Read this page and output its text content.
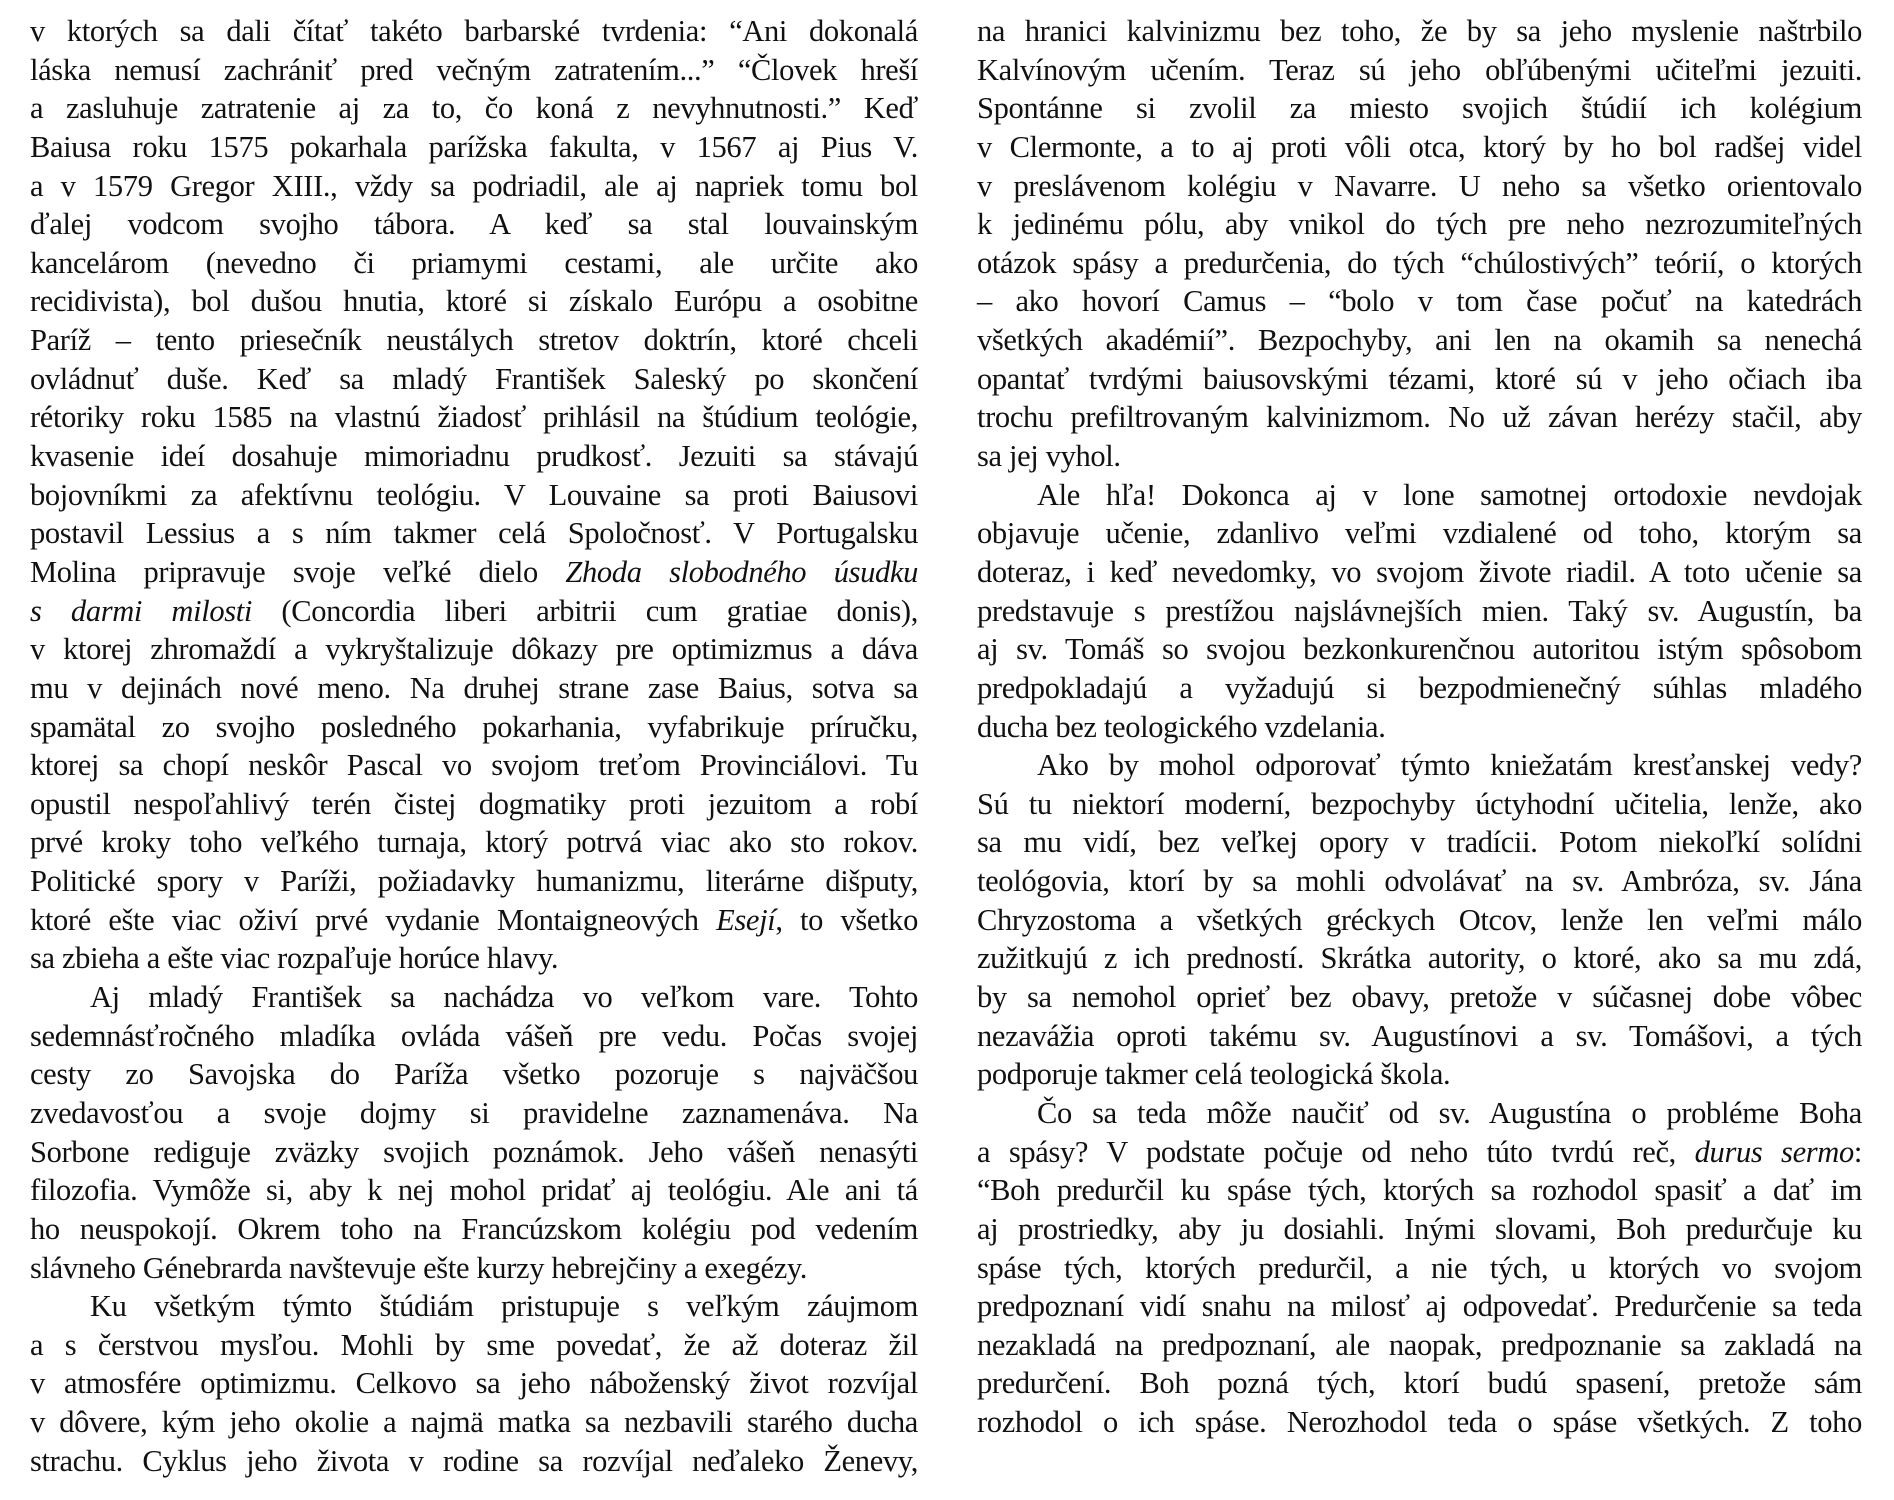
v ktorých sa dali čítať takéto barbarské tvrdenia: “Ani dokonalá
láska nemusí zachrániť pred večným zatratením...” “Človek hreší
a zasluhuje zatratenie aj za to, čo koná z nevyhnutnosti.” Keď
Baiusa roku 1575 pokarhala parížska fakulta, v 1567 aj Pius V.
a v 1579 Gregor XIII., vždy sa podriadil, ale aj napriek tomu bol
ďalej vodcom svojho tábora. A keď sa stal louvainským
kancelárom (nevedno či priamymi cestami, ale určite ako
recidivista), bol dušou hnutia, ktoré si získalo Európu a osobitne
Paríž – tento priesečník neustálych stretov doktrín, ktoré chceli
ovládnuť duše. Keď sa mladý František Saleský po skončení
rétoriky roku 1585 na vlastnú žiadosť prihlásil na štúdium teológie,
kvasenie ideí dosahuje mimoriadnu prudkosť. Jezuiti sa stávajú
bojovníkmi za afektívnu teológiu. V Louvaine sa proti Baiusovi
postavil Lessius a s ním takmer celá Spoločnosť. V Portugalsku
Molina pripravuje svoje veľké dielo Zhoda slobodného úsudku
s darmi milosti (Concordia liberi arbitrii cum gratiae donis),
v ktorej zhromaždí a vykryštalizuje dôkazy pre optimizmus a dáva
mu v dejinách nové meno. Na druhej strane zase Baius, sotva sa
spamätal zo svojho posledného pokarhania, vyfabrikuje príručku,
ktorej sa chopí neskôr Pascal vo svojom treťom Provinciálovi. Tu
opustil nespoľahlivý terén čistej dogmatiky proti jezuitom a robí
prvé kroky toho veľkého turnaja, ktorý potrvá viac ako sto rokov.
Politické spory v Paríži, požiadavky humanizmu, literárne dišputy,
ktoré ešte viac oživí prvé vydanie Montaigneových Esejí, to všetko
sa zbieha a ešte viac rozpaľuje horúce hlavy.
Aj mladý František sa nachádza vo veľkom vare. Tohto
sedemnásťročného mladíka ovláda vášeň pre vedu. Počas svojej
cesty zo Savojska do Paríža všetko pozoruje s najväčšou
zvedavosťou a svoje dojmy si pravidelne zaznamenáva. Na
Sorbone rediguje zväzky svojich poznámok. Jeho vášeň nenasýti
filozofia. Vymôže si, aby k nej mohol pridať aj teológiu. Ale ani tá
ho neuspokojí. Okrem toho na Francúzskom kolégiu pod vedením
slávneho Génebrarda navštevuje ešte kurzy hebrejčiny a exegézy.
Ku všetkým týmto štúdiám pristupuje s veľkým záujmom
a s čerstvou mysľou. Mohli by sme povedať, že až doteraz žil
v atmosfére optimizmu. Celkovo sa jeho náboženský život rozvíjal
v dôvere, kým jeho okolie a najmä matka sa nezbavili starého ducha
strachu. Cyklus jeho života v rodine sa rozvíjal neďaleko Ženevy,
na hranici kalvinizmu bez toho, že by sa jeho myslenie naštrbilo
Kalvínovým učením. Teraz sú jeho obľúbenými učiteľmi jezuiti.
Spontánne si zvolil za miesto svojich štúdií ich kolégium
v Clermonte, a to aj proti vôli otca, ktorý by ho bol radšej videl
v preslávenom kolégiu v Navarre. U neho sa všetko orientovalo
k jedinému pólu, aby vnikol do tých pre neho nezrozumiteľných
otázok spásy a predurčenia, do tých “chúlostivých” teórií, o ktorých
– ako hovorí Camus – “bolo v tom čase počuť na katedrách
všetkých akadémií”. Bezpochyby, ani len na okamih sa nenechá
opantať tvrdými baiusovskými tézami, ktoré sú v jeho očiach iba
trochu prefiltrovaným kalvinizmom. No už závan herézy stačil, aby
sa jej vyhol.
Ale hľa! Dokonca aj v lone samotnej ortodoxie nevdojak
objavuje učenie, zdanlivo veľmi vzdialené od toho, ktorým sa
doteraz, i keď nevedomky, vo svojom živote riadil. A toto učenie sa
predstavuje s prestížou najslávnejších mien. Taký sv. Augustín, ba
aj sv. Tomáš so svojou bezkonkurenčnou autoritou istým spôsobom
predpokladajú a vyžadujú si bezpodmienečný súhlas mladého
ducha bez teologického vzdelania.
Ako by mohol odporovať týmto kniežatám kresťanskej vedy?
Sú tu niektorí moderní, bezpochyby úctyhodní učitelia, lenže, ako
sa mu vidí, bez veľkej opory v tradícii. Potom niekoľkí solídni
teológovia, ktorí by sa mohli odvolávať na sv. Ambróza, sv. Jána
Chryzostoma a všetkých gréckych Otcov, lenže len veľmi málo
zužitkujú z ich predností. Skrátka autority, o ktoré, ako sa mu zdá,
by sa nemohol oprieť bez obavy, pretože v súčasnej dobe vôbec
nezavážia oproti takému sv. Augustínovi a sv. Tomášovi, a tých
podporuje takmer celá teologická škola.
Čo sa teda môže naučiť od sv. Augustína o probléme Boha
a spásy? V podstate počuje od neho túto tvrdú reč, durus sermo:
“Boh predurčil ku spáse tých, ktorých sa rozhodol spasiť a dať im
aj prostriedky, aby ju dosiahli. Inými slovami, Boh predurčuje ku
spáse tých, ktorých predurčil, a nie tých, u ktorých vo svojom
predpoznaní vidí snahu na milosť aj odpovedať. Predurčenie sa teda
nezakladá na predpoznaní, ale naopak, predpoznanie sa zakladá na
predurčení. Boh pozná tých, ktorí budú spasení, pretože sám
rozhodol o ich spáse. Nerozhodol teda o spáse všetkých. Z toho
